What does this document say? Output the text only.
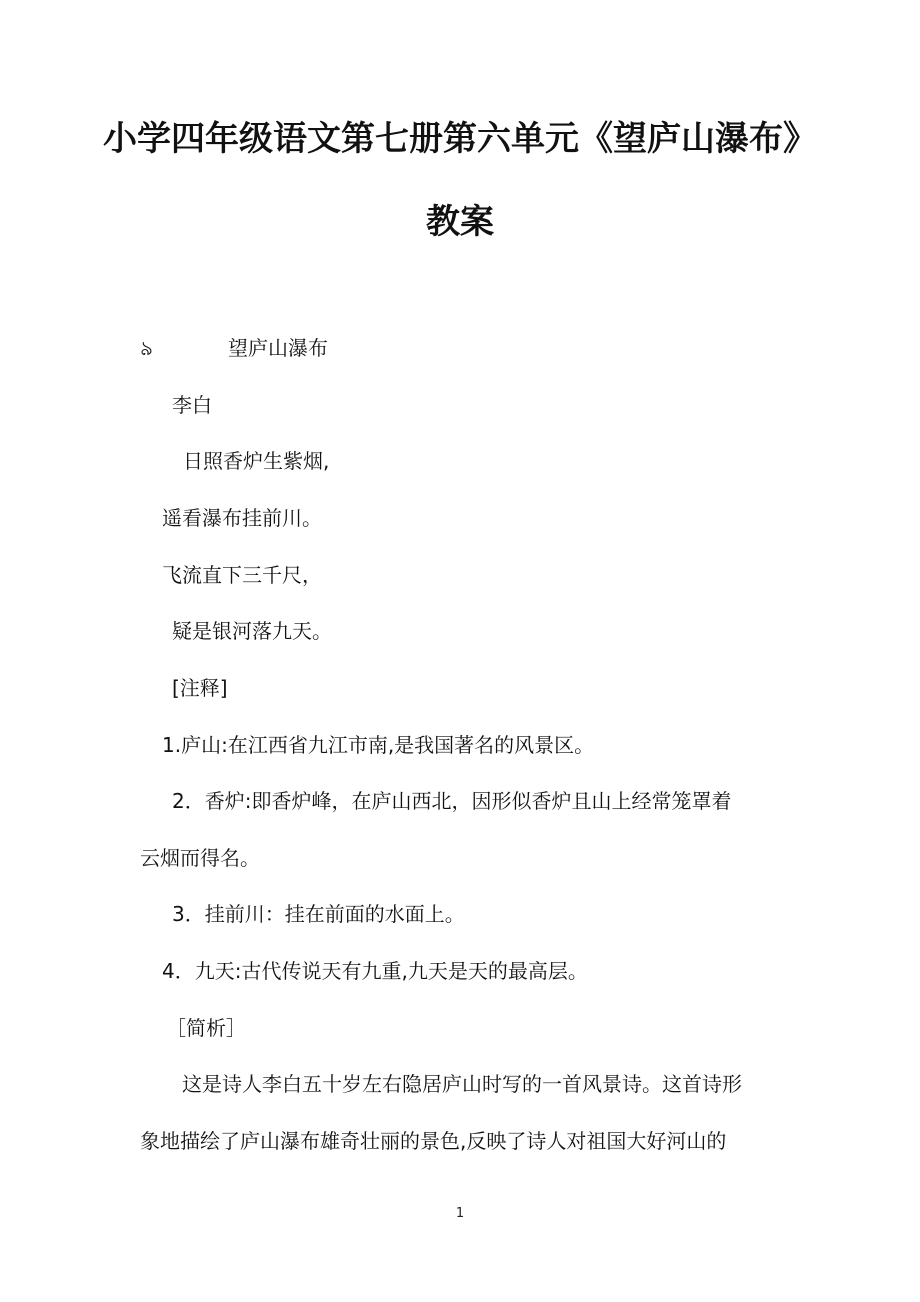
小学四年级语文第七册第六单元《望庐山瀑布》
教案
৯	望庐山瀑布
李白
日照香炉生紫烟,
遥看瀑布挂前川。
飞流直下三千尺，
疑是银河落九天。
[注释]
1.庐山:在江西省九江市南,是我国著名的风景区。
2．香炉:即香炉峰，在庐山西北，因形似香炉且山上经常笼罩着
云烟而得名。
3．挂前川：挂在前面的水面上。
4．九天:古代传说天有九重,九天是天的最高层。
［简析］
这是诗人李白五十岁左右隐居庐山时写的一首风景诗。这首诗形
象地描绘了庐山瀑布雄奇壮丽的景色,反映了诗人对祖国大好河山的
1
